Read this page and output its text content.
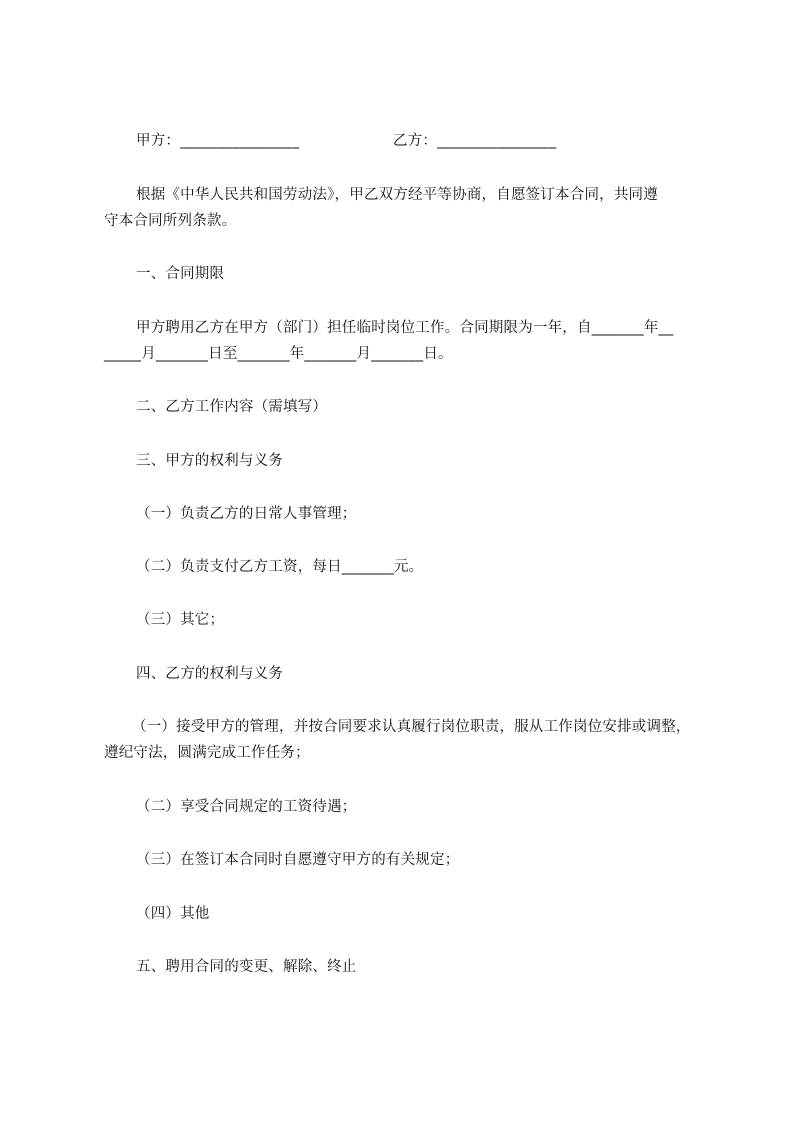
甲方：________________	乙方：________________
根据《中华人民共和国劳动法》，甲乙双方经平等协商，自愿签订本合同，共同遵
守本合同所列条款。
一、合同期限
甲方聘用乙方在甲方（部门）担任临时岗位工作。合同期限为一年，自_______年__
_____月_______日至_______年_______月_______日。
二、乙方工作内容（需填写）
三、甲方的权利与义务
（一）负责乙方的日常人事管理；
（二）负责支付乙方工资，每日_______元。
（三）其它；
四、乙方的权利与义务
（一）接受甲方的管理，并按合同要求认真履行岗位职责，服从工作岗位安排或调整，
遵纪守法，圆满完成工作任务；
（二）享受合同规定的工资待遇；
（三）在签订本合同时自愿遵守甲方的有关规定；
（四）其他
五、聘用合同的变更、解除、终止
